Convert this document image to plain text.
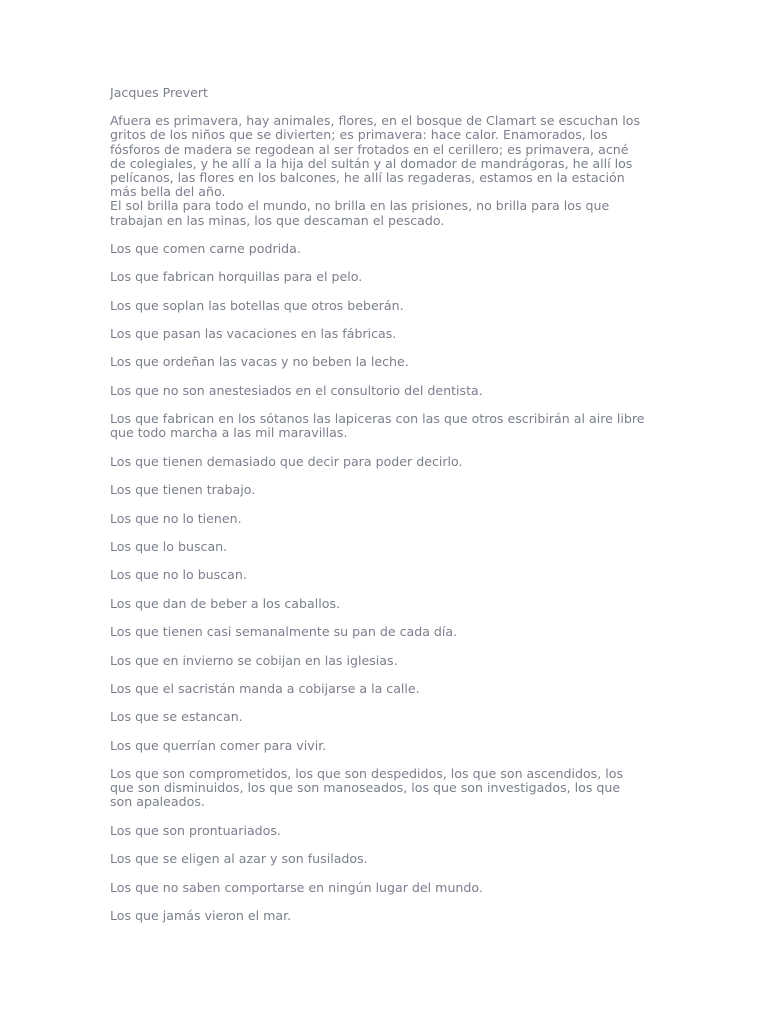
Jacques Prevert

Afuera es primavera, hay animales, flores, en el bosque de Clamart se escuchan los
gritos de los niños que se divierten; es primavera: hace calor. Enamorados, los
fósforos de madera se regodean al ser frotados en el cerillero; es primavera, acné
de colegiales, y he allí a la hija del sultán y al domador de mandrágoras, he allí los
pelícanos, las flores en los balcones, he allí las regaderas, estamos en la estación
más bella del año.
El sol brilla para todo el mundo, no brilla en las prisiones, no brilla para los que
trabajan en las minas, los que descaman el pescado.

Los que comen carne podrida.
Los que fabrican horquillas para el pelo.
Los que soplan las botellas que otros beberán.
Los que pasan las vacaciones en las fábricas.
Los que ordeñan las vacas y no beben la leche.
Los que no son anestesiados en el consultorio del dentista.
Los que fabrican en los sótanos las lapiceras con las que otros escribirán al aire libre
que todo marcha a las mil maravillas.
Los que tienen demasiado que decir para poder decirlo.
Los que tienen trabajo.
Los que no lo tienen.
Los que lo buscan.
Los que no lo buscan.
Los que dan de beber a los caballos.
Los que tienen casi semanalmente su pan de cada día.
Los que en invierno se cobijan en las iglesias.
Los que el sacristán manda a cobijarse a la calle.
Los que se estancan.
Los que querrían comer para vivir.
Los que son comprometidos, los que son despedidos, los que son ascendidos, los
que son disminuidos, los que son manoseados, los que son investigados, los que
son apaleados.
Los que son prontuariados.
Los que se eligen al azar y son fusilados.
Los que no saben comportarse en ningún lugar del mundo.
Los que jamás vieron el mar.
